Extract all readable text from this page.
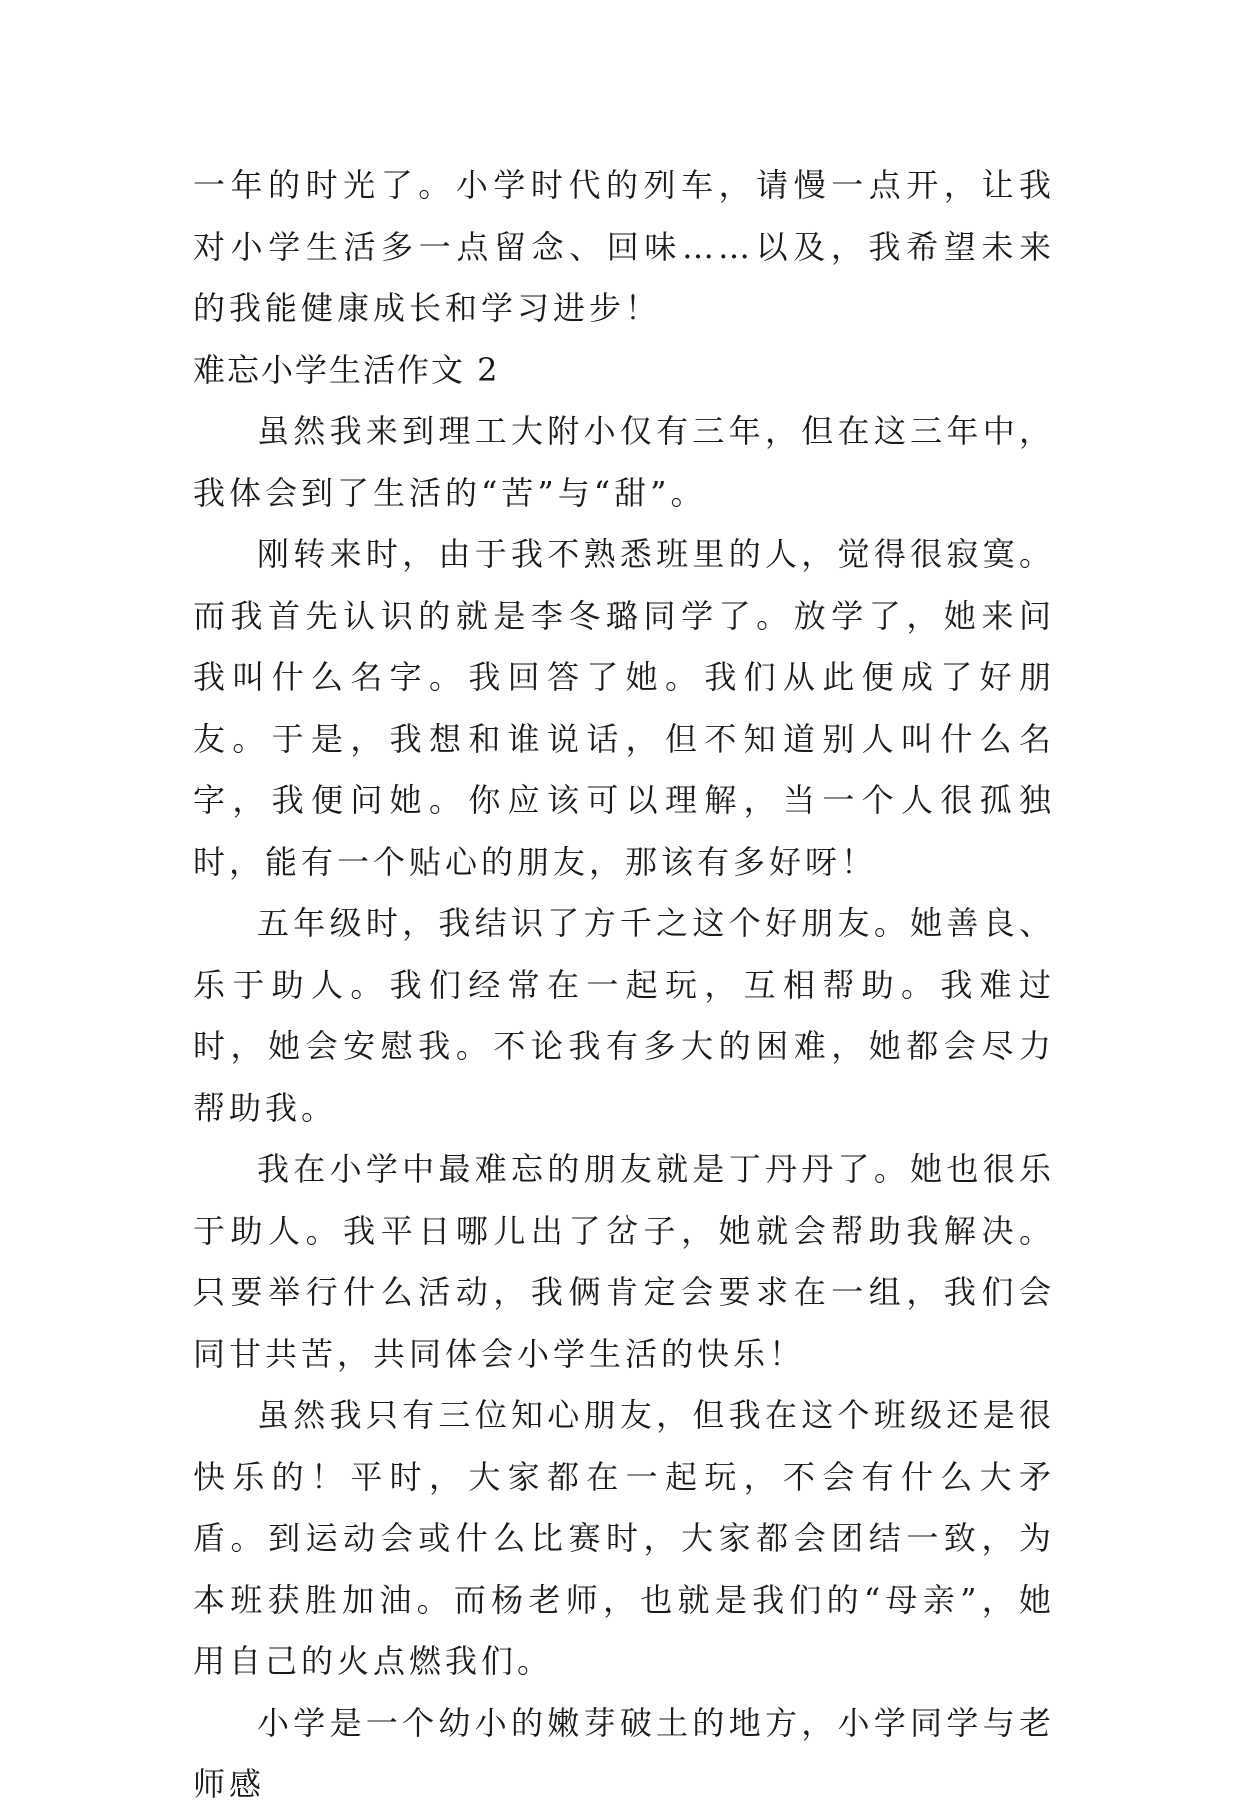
一年的时光了。小学时代的列车，请慢一点开，让我对小学生活多一点留念、回味……以及，我希望未来的我能健康成长和学习进步！

难忘小学生活作文 2

虽然我来到理工大附小仅有三年，但在这三年中，我体会到了生活的“苦”与“甜”。

刚转来时，由于我不熟悉班里的人，觉得很寂寞。而我首先认识的就是李冬璐同学了。放学了，她来问我叫什么名字。我回答了她。我们从此便成了好朋友。于是，我想和谁说话，但不知道别人叫什么名字，我便问她。你应该可以理解，当一个人很孤独时，能有一个贴心的朋友，那该有多好呀！

五年级时，我结识了方千之这个好朋友。她善良、乐于助人。我们经常在一起玩，互相帮助。我难过时，她会安慰我。不论我有多大的困难，她都会尽力帮助我。

我在小学中最难忘的朋友就是丁丹丹了。她也很乐于助人。我平日哪儿出了岔子，她就会帮助我解决。只要举行什么活动，我俩肯定会要求在一组，我们会同甘共苦，共同体会小学生活的快乐！

虽然我只有三位知心朋友，但我在这个班级还是很快乐的！平时，大家都在一起玩，不会有什么大矛盾。到运动会或什么比赛时，大家都会团结一致，为本班获胜加油。而杨老师，也就是我们的“母亲”，她用自己的火点燃我们。

小学是一个幼小的嫩芽破土的地方，小学同学与老师感
